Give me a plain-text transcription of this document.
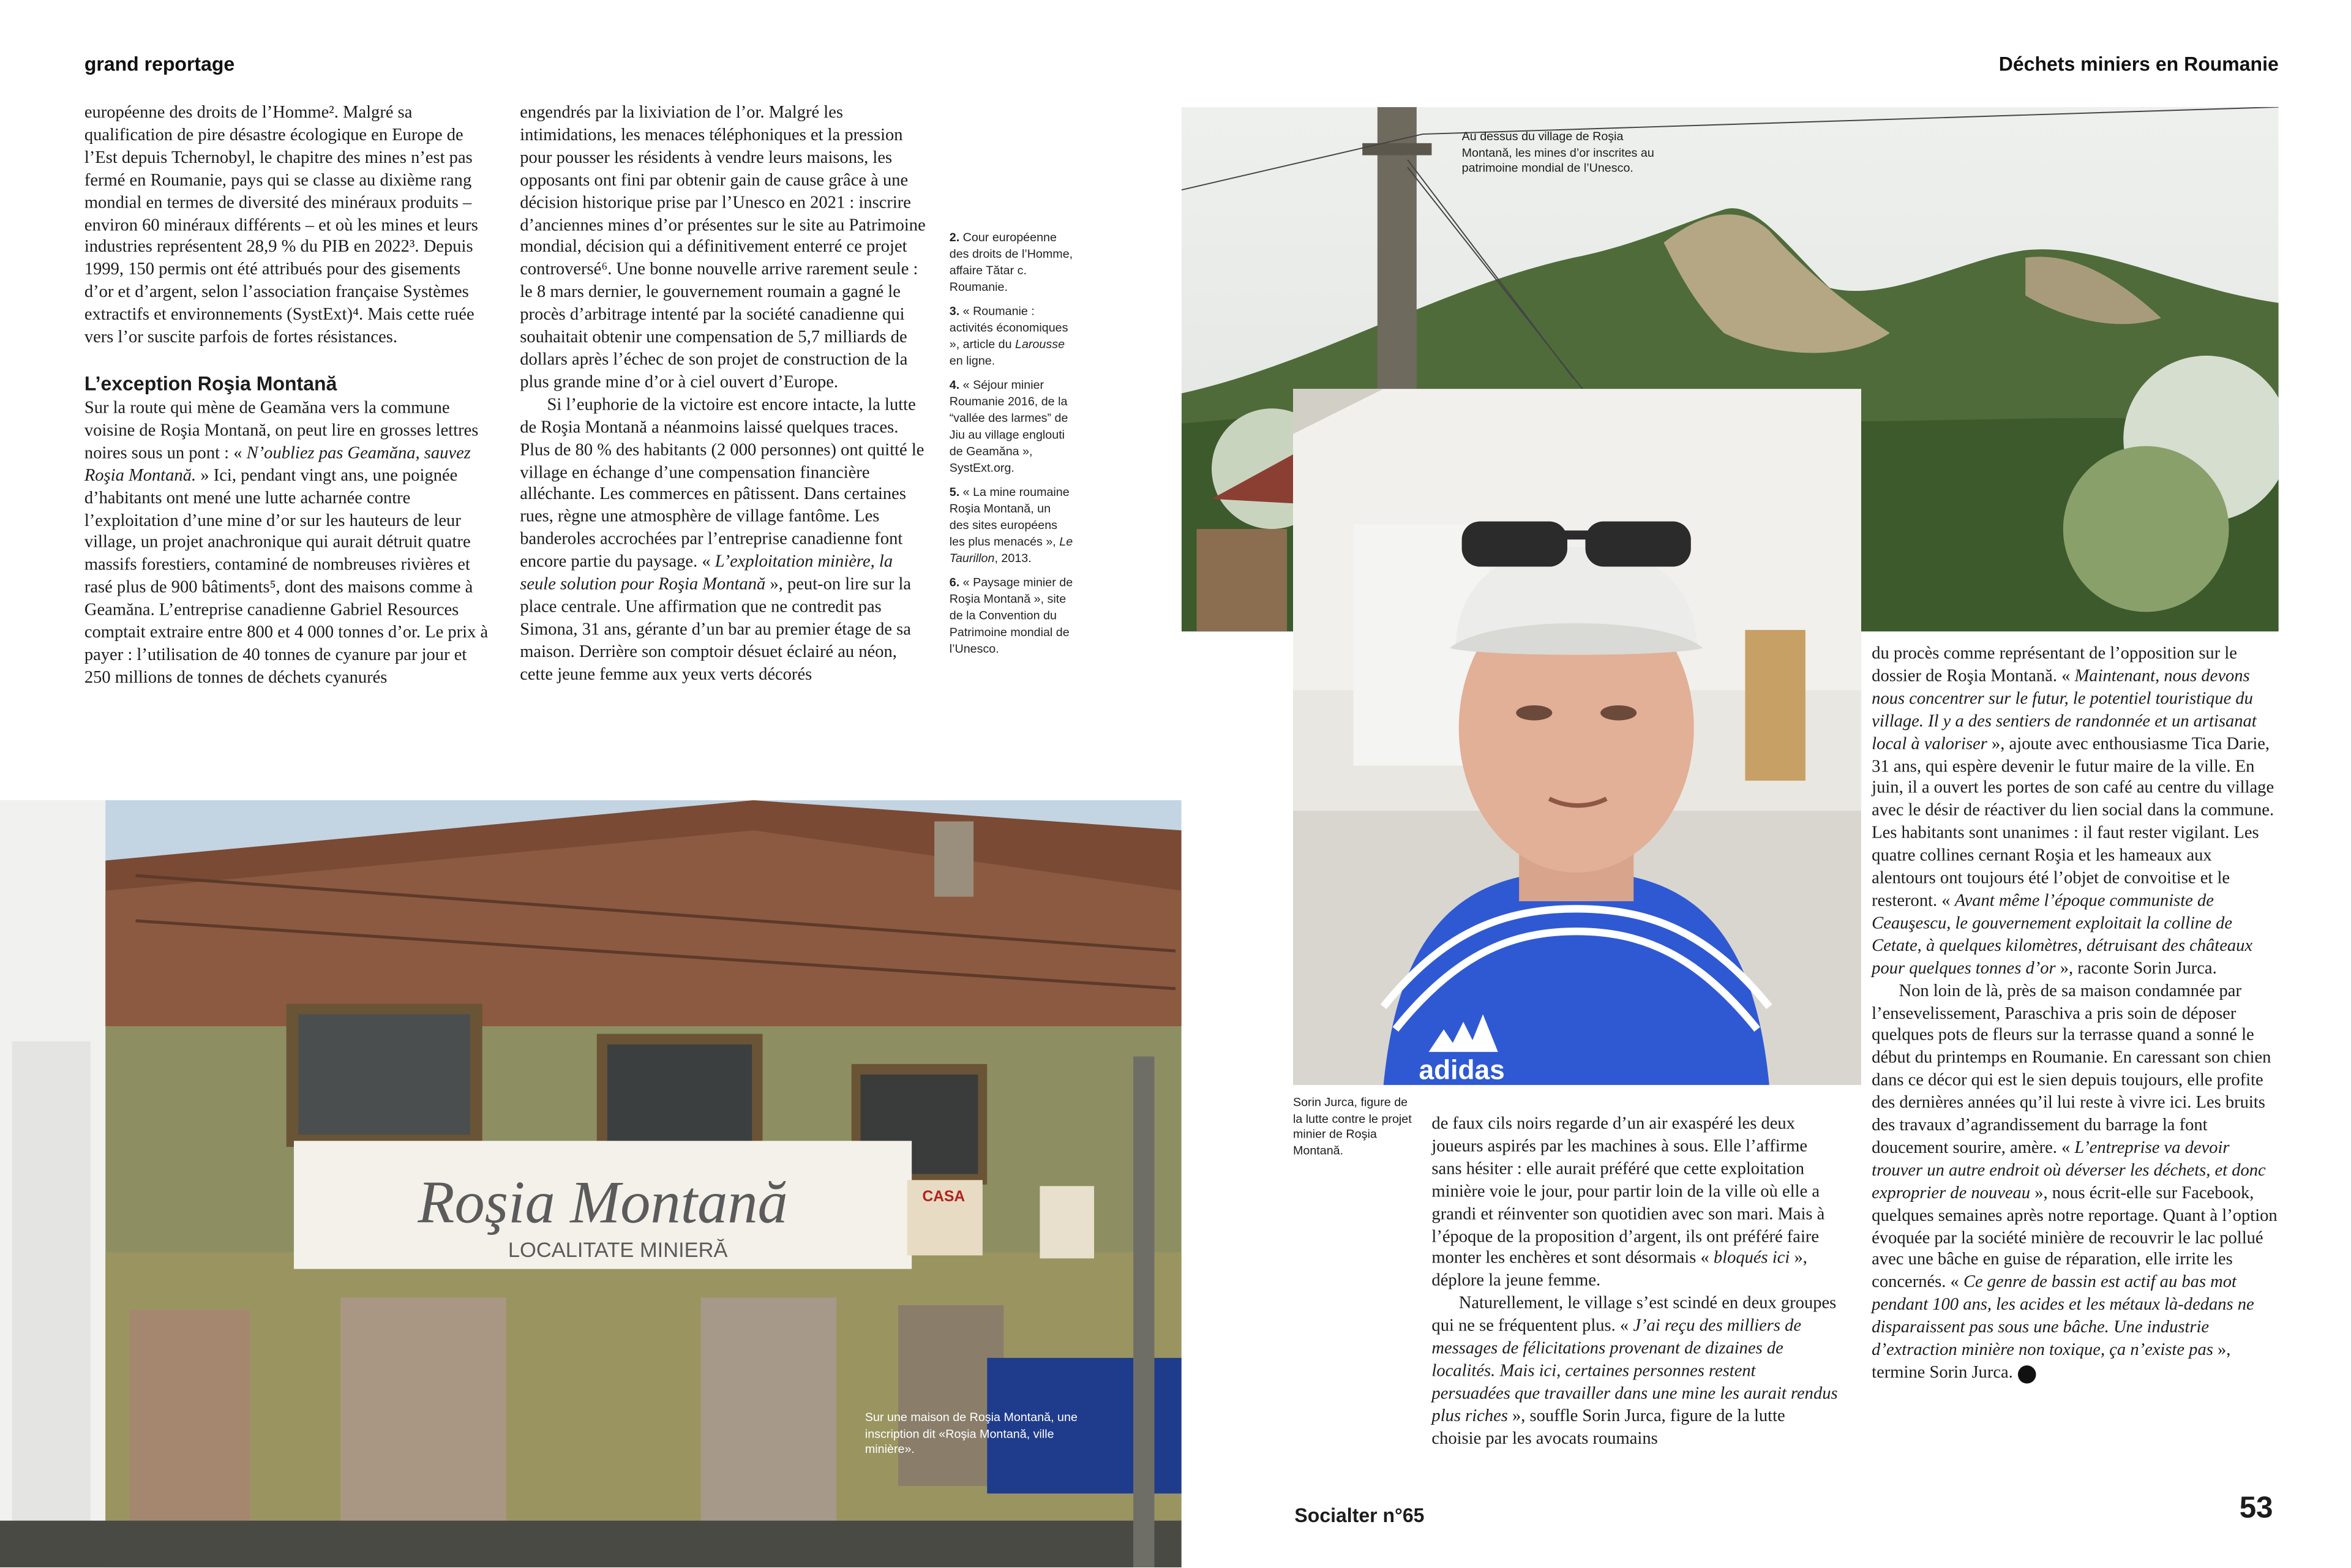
grand reportage	Déchets miniers en Roumanie

européenne des droits de l’Homme². Malgré sa qualification de pire désastre écologique en Europe de l’Est depuis Tchernobyl, le chapitre des mines n’est pas fermé en Roumanie, pays qui se classe au dixième rang mondial en termes de diversité des minéraux produits – environ 60 minéraux différents – et où les mines et leurs industries représentent 28,9 % du PIB en 2022³. Depuis 1999, 150 permis ont été attribués pour des gisements d’or et d’argent, selon l’association française Systèmes extractifs et environnements (SystExt)⁴. Mais cette ruée vers l’or suscite parfois de fortes résistances.

L’exception Roşia Montană

Sur la route qui mène de Geamăna vers la commune voisine de Roşia Montană, on peut lire en grosses lettres noires sous un pont : « N’oubliez pas Geamăna, sauvez Roşia Montană. » Ici, pendant vingt ans, une poignée d’habitants ont mené une lutte acharnée contre l’exploitation d’une mine d’or sur les hauteurs de leur village, un projet anachronique qui aurait détruit quatre massifs forestiers, contaminé de nombreuses rivières et rasé plus de 900 bâtiments⁵, dont des maisons comme à Geamăna. L’entreprise canadienne Gabriel Resources comptait extraire entre 800 et 4 000 tonnes d’or. Le prix à payer : l’utilisation de 40 tonnes de cyanure par jour et 250 millions de tonnes de déchets cyanurés

engendrés par la lixiviation de l’or. Malgré les intimidations, les menaces téléphoniques et la pression pour pousser les résidents à vendre leurs maisons, les opposants ont fini par obtenir gain de cause grâce à une décision historique prise par l’Unesco en 2021 : inscrire d’anciennes mines d’or présentes sur le site au Patrimoine mondial, décision qui a définitivement enterré ce projet controversé⁶. Une bonne nouvelle arrive rarement seule : le 8 mars dernier, le gouvernement roumain a gagné le procès d’arbitrage intenté par la société canadienne qui souhaitait obtenir une compensation de 5,7 milliards de dollars après l’échec de son projet de construction de la plus grande mine d’or à ciel ouvert d’Europe.

Si l’euphorie de la victoire est encore intacte, la lutte de Roşia Montană a néanmoins laissé quelques traces. Plus de 80 % des habitants (2 000 personnes) ont quitté le village en échange d’une compensation financière alléchante. Les commerces en pâtissent. Dans certaines rues, règne une atmosphère de village fantôme. Les banderoles accrochées par l’entreprise canadienne font encore partie du paysage. « L’exploitation minière, la seule solution pour Roşia Montană », peut-on lire sur la place centrale. Une affirmation que ne contredit pas Simona, 31 ans, gérante d’un bar au premier étage de sa maison. Derrière son comptoir désuet éclairé au néon, cette jeune femme aux yeux verts décorés

2. Cour européenne des droits de l’Homme, affaire Tătar c. Roumanie.

3. « Roumanie : activités économiques », article du Larousse en ligne.

4. « Séjour minier Roumanie 2016, de la “vallée des larmes” de Jiu au village englouti de Geamăna », SystExt.org.

5. « La mine roumaine Roşia Montană, un des sites européens les plus menacés », Le Taurillon, 2013.

6. « Paysage minier de Roşia Montană », site de la Convention du Patrimoine mondial de l’Unesco.

Au dessus du village de Roşia Montană, les mines d’or inscrites au patrimoine mondial de l’Unesco.
adidas
Sorin Jurca, figure de la lutte contre le projet minier de Roşia Montană.
Roşia Montană
LOCALITATE MINIERĂ
CASA
Sur une maison de Roşia Montană, une inscription dit «Roşia Montană, ville minière».

de faux cils noirs regarde d’un air exaspéré les deux joueurs aspirés par les machines à sous. Elle l’affirme sans hésiter : elle aurait préféré que cette exploitation minière voie le jour, pour partir loin de la ville où elle a grandi et réinventer son quotidien avec son mari. Mais à l’époque de la proposition d’argent, ils ont préféré faire monter les enchères et sont désormais « bloqués ici », déplore la jeune femme.

Naturellement, le village s’est scindé en deux groupes qui ne se fréquentent plus. « J’ai reçu des milliers de messages de félicitations provenant de dizaines de localités. Mais ici, certaines personnes restent persuadées que travailler dans une mine les aurait rendus plus riches », souffle Sorin Jurca, figure de la lutte choisie par les avocats roumains

du procès comme représentant de l’opposition sur le dossier de Roşia Montană. « Maintenant, nous devons nous concentrer sur le futur, le potentiel touristique du village. Il y a des sentiers de randonnée et un artisanat local à valoriser », ajoute avec enthousiasme Tica Darie, 31 ans, qui espère devenir le futur maire de la ville. En juin, il a ouvert les portes de son café au centre du village avec le désir de réactiver du lien social dans la commune. Les habitants sont unanimes : il faut rester vigilant. Les quatre collines cernant Roşia et les hameaux aux alentours ont toujours été l’objet de convoitise et le resteront. « Avant même l’époque communiste de Ceauşescu, le gouvernement exploitait la colline de Cetate, à quelques kilomètres, détruisant des châteaux pour quelques tonnes d’or », raconte Sorin Jurca.

Non loin de là, près de sa maison condamnée par l’ensevelissement, Paraschiva a pris soin de déposer quelques pots de fleurs sur la terrasse quand a sonné le début du printemps en Roumanie. En caressant son chien dans ce décor qui est le sien depuis toujours, elle profite des dernières années qu’il lui reste à vivre ici. Les bruits des travaux d’agrandissement du barrage la font doucement sourire, amère. « L’entreprise va devoir trouver un autre endroit où déverser les déchets, et donc exproprier de nouveau », nous écrit-elle sur Facebook, quelques semaines après notre reportage. Quant à l’option évoquée par la société minière de recouvrir le lac pollué avec une bâche en guise de réparation, elle irrite les concernés. « Ce genre de bassin est actif au bas mot pendant 100 ans, les acides et les métaux là-dedans ne disparaissent pas sous une bâche. Une industrie d’extraction minière non toxique, ça n’existe pas », termine Sorin Jurca.	S

Socialter n°65	53
